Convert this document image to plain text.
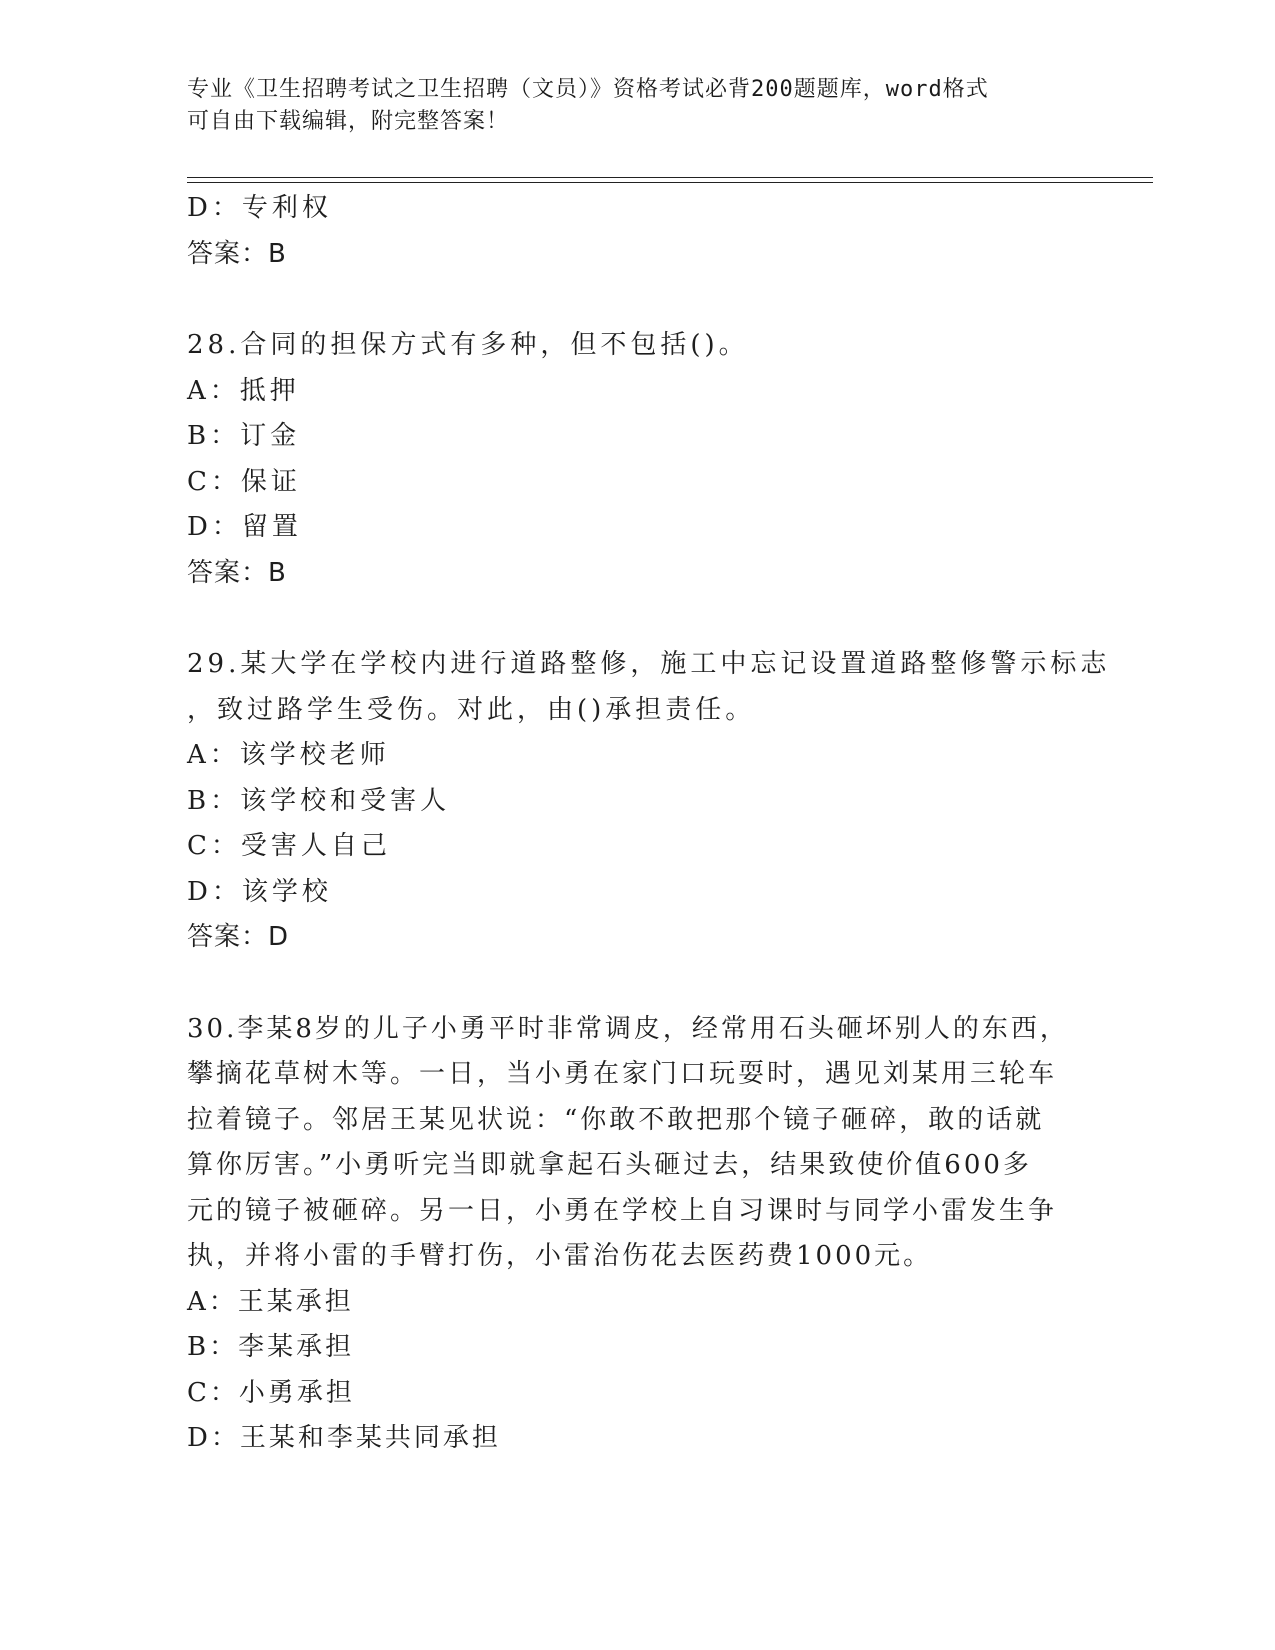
专业《卫生招聘考试之卫生招聘（文员）》资格考试必背200题题库，word格式
可自由下载编辑，附完整答案！
D：专利权
答案：B
28.合同的担保方式有多种，但不包括()。
A：抵押
B：订金
C：保证
D：留置
答案：B
29.某大学在学校内进行道路整修，施工中忘记设置道路整修警示标志
，致过路学生受伤。对此，由()承担责任。
A：该学校老师
B：该学校和受害人
C：受害人自己
D：该学校
答案：D
30.李某8岁的儿子小勇平时非常调皮，经常用石头砸坏别人的东西，
攀摘花草树木等。一日，当小勇在家门口玩耍时，遇见刘某用三轮车
拉着镜子。邻居王某见状说：“你敢不敢把那个镜子砸碎，敢的话就
算你厉害。”小勇听完当即就拿起石头砸过去，结果致使价值600多
元的镜子被砸碎。另一日，小勇在学校上自习课时与同学小雷发生争
执，并将小雷的手臂打伤，小雷治伤花去医药费1000元。
A：王某承担
B：李某承担
C：小勇承担
D：王某和李某共同承担
